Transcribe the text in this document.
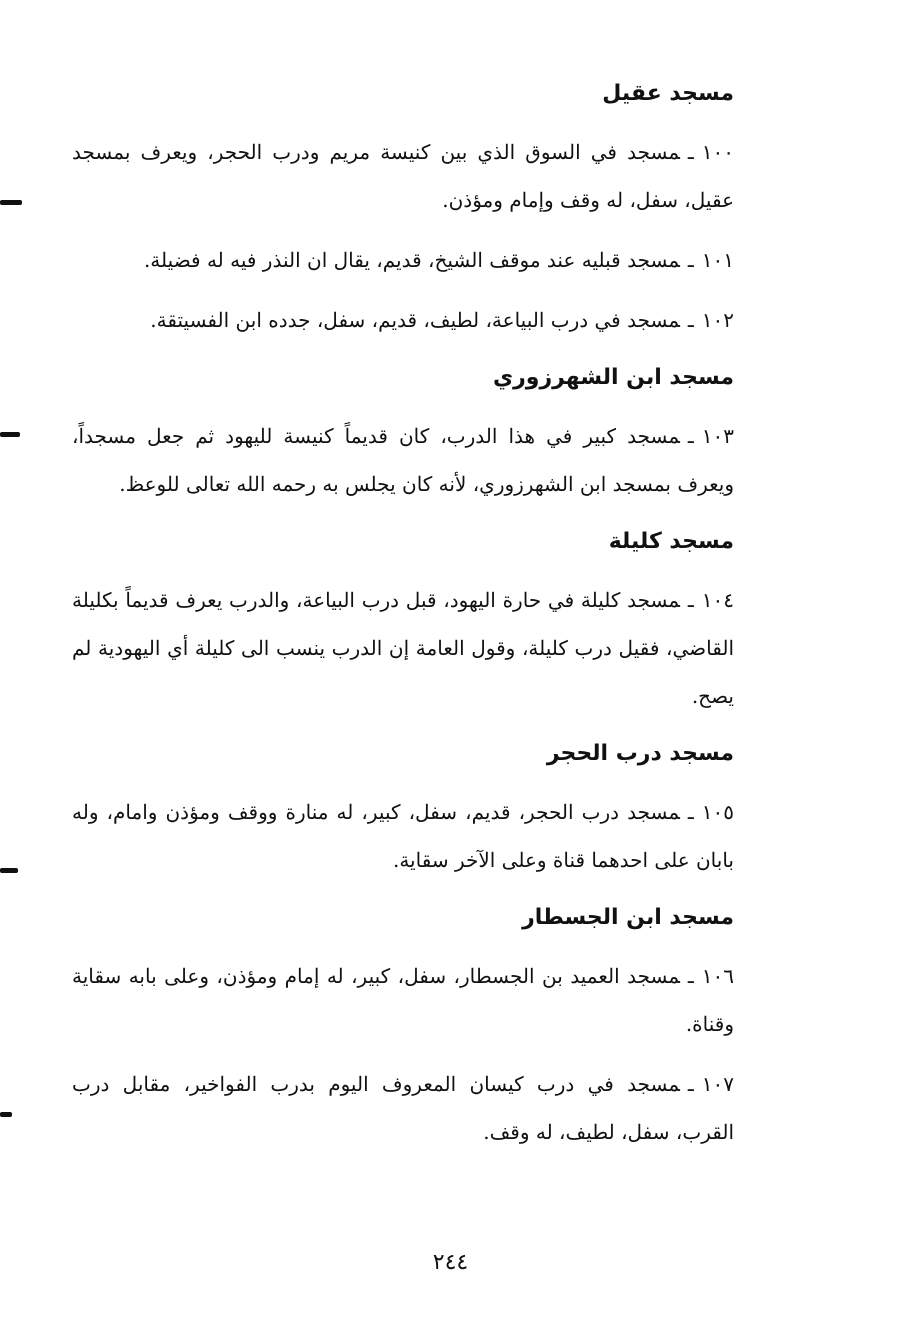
مسجد عقيل
١٠٠ـمسجد في السوق الذي بين كنيسة مريم ودرب الحجر، ويعرف بمسجد عقيل، سفل، له وقف وإمام ومؤذن.
١٠١ـمسجد قبليه عند موقف الشيخ، قديم، يقال ان النذر فيه له فضيلة.
١٠٢ـمسجد في درب البياعة، لطيف، قديم، سفل، جدده ابن الفسيتقة.
مسجد ابن الشهرزوري
١٠٣ـمسجد كبير في هذا الدرب، كان قديماً كنيسة لليهود ثم جعل مسجداً، ويعرف بمسجد ابن الشهرزوري، لأنه كان يجلس به رحمه الله تعالى للوعظ.
مسجد كليلة
١٠٤ـمسجد كليلة في حارة اليهود، قبل درب البياعة، والدرب يعرف قديماً بكليلة القاضي، فقيل درب كليلة، وقول العامة إن الدرب ينسب الى كليلة أي اليهودية لم يصح.
مسجد درب الحجر
١٠٥ـمسجد درب الحجر، قديم، سفل، كبير، له منارة ووقف ومؤذن وامام، وله بابان على احدهما قناة وعلى الآخر سقاية.
مسجد ابن الجسطار
١٠٦ـمسجد العميد بن الجسطار، سفل، كبير، له إمام ومؤذن، وعلى بابه سقاية وقناة.
١٠٧ـمسجد في درب كيسان المعروف اليوم بدرب الفواخير، مقابل درب القرب، سفل، لطيف، له وقف.
٢٤٤
